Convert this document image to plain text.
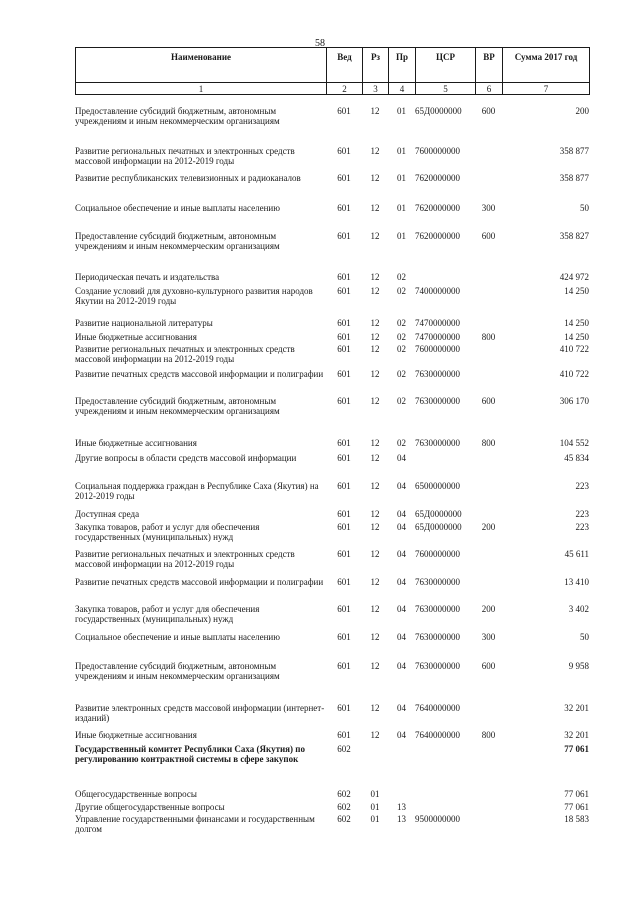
58
Наименование	Вед	Рз	Пр	ЦСР	ВР	Сумма 2017 год
1	2	3	4	5	6	7
Предоставление субсидий бюджетным, автономным учреждениям и иным некоммерческим организациям	601	12	01	65Д0000000	600	200
Развитие региональных печатных и электронных средств массовой информации на 2012-2019 годы	601	12	01	7600000000		358 877
Развитие республиканских телевизионных и радиоканалов	601	12	01	7620000000		358 877
Социальное обеспечение и иные выплаты населению	601	12	01	7620000000	300	50
Предоставление субсидий бюджетным, автономным учреждениям и иным некоммерческим организациям	601	12	01	7620000000	600	358 827
Периодическая печать и издательства	601	12	02			424 972
Создание условий для духовно-культурного развития народов Якутии на 2012-2019 годы	601	12	02	7400000000		14 250
Развитие национальной литературы	601	12	02	7470000000		14 250
Иные бюджетные ассигнования	601	12	02	7470000000	800	14 250
Развитие региональных печатных и электронных средств массовой информации на 2012-2019 годы	601	12	02	7600000000		410 722
Развитие печатных средств массовой информации и полиграфии	601	12	02	7630000000		410 722
Предоставление субсидий бюджетным, автономным учреждениям и иным некоммерческим организациям	601	12	02	7630000000	600	306 170
Иные бюджетные ассигнования	601	12	02	7630000000	800	104 552
Другие вопросы в области средств массовой информации	601	12	04			45 834
Социальная поддержка граждан в Республике Саха (Якутия) на 2012-2019 годы	601	12	04	6500000000		223
Доступная среда	601	12	04	65Д0000000		223
Закупка товаров, работ и услуг для обеспечения государственных (муниципальных) нужд	601	12	04	65Д0000000	200	223
Развитие региональных печатных и электронных средств массовой информации на 2012-2019 годы	601	12	04	7600000000		45 611
Развитие печатных средств массовой информации и полиграфии	601	12	04	7630000000		13 410
Закупка товаров, работ и услуг для обеспечения государственных (муниципальных) нужд	601	12	04	7630000000	200	3 402
Социальное обеспечение и иные выплаты населению	601	12	04	7630000000	300	50
Предоставление субсидий бюджетным, автономным учреждениям и иным некоммерческим организациям	601	12	04	7630000000	600	9 958
Развитие электронных средств массовой информации (интернет-изданий)	601	12	04	7640000000		32 201
Иные бюджетные ассигнования	601	12	04	7640000000	800	32 201
Государственный комитет Республики Саха (Якутия) по регулированию контрактной системы в сфере закупок	602					77 061
Общегосударственные вопросы	602	01				77 061
Другие общегосударственные вопросы	602	01	13			77 061
Управление государственными финансами и государственным долгом	602	01	13	9500000000		18 583
